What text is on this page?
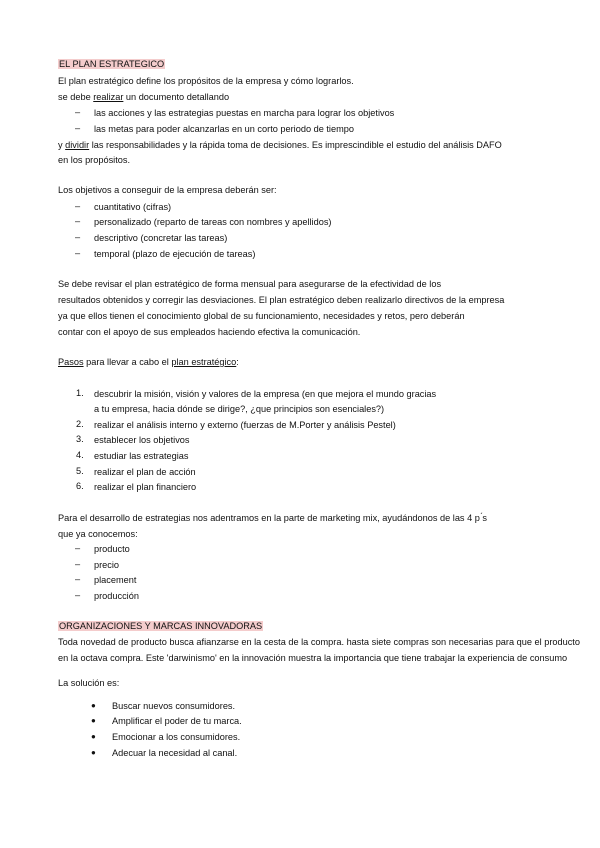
EL PLAN ESTRATEGICO
El plan estratégico define los propósitos de la empresa y cómo lograrlos.
se debe realizar un documento detallando
– las acciones y las estrategias puestas en marcha para lograr los objetivos
– las metas para poder alcanzarlas en un corto periodo de tiempo
y dividir las responsabilidades y la rápida toma de decisiones. Es imprescindible el estudio del análisis DAFO
en los propósitos.
Los objetivos a conseguir de la empresa deberán ser:
– cuantitativo (cifras)
– personalizado (reparto de tareas con nombres y apellidos)
– descriptivo (concretar las tareas)
– temporal (plazo de ejecución de tareas)
Se debe revisar el plan estratégico de forma mensual para asegurarse de la efectividad de los
resultados obtenidos y corregir las desviaciones. El plan estratégico deben realizarlo directivos de la empresa
ya que ellos tienen el conocimiento global de su funcionamiento, necesidades y retos, pero deberán
contar con el apoyo de sus empleados haciendo efectiva la comunicación.
Pasos para llevar a cabo el plan estratégico:
1. descubrir la misión, visión y valores de la empresa (en que mejora el mundo gracias
a tu empresa, hacia dónde se dirige?, ¿que principios son esenciales?)
2. realizar el análisis interno y externo (fuerzas de M.Porter y análisis Pestel)
3. establecer los objetivos
4. estudiar las estrategias
5. realizar el plan de acción
6. realizar el plan financiero
Para el desarrollo de estrategias nos adentramos en la parte de marketing mix, ayudándonos de las 4 p ́s
que ya conocemos:
– producto
– precio
– placement
– producción
ORGANIZACIONES Y MARCAS INNOVADORAS
Toda novedad de producto busca afianzarse en la cesta de la compra. hasta siete compras son necesarias para que el producto
en la octava compra. Este 'darwinismo' en la innovación muestra la importancia que tiene trabajar la experiencia de consumo
La solución es:
● Buscar nuevos consumidores.
● Amplificar el poder de tu marca.
● Emocionar a los consumidores.
● Adecuar la necesidad al canal.
